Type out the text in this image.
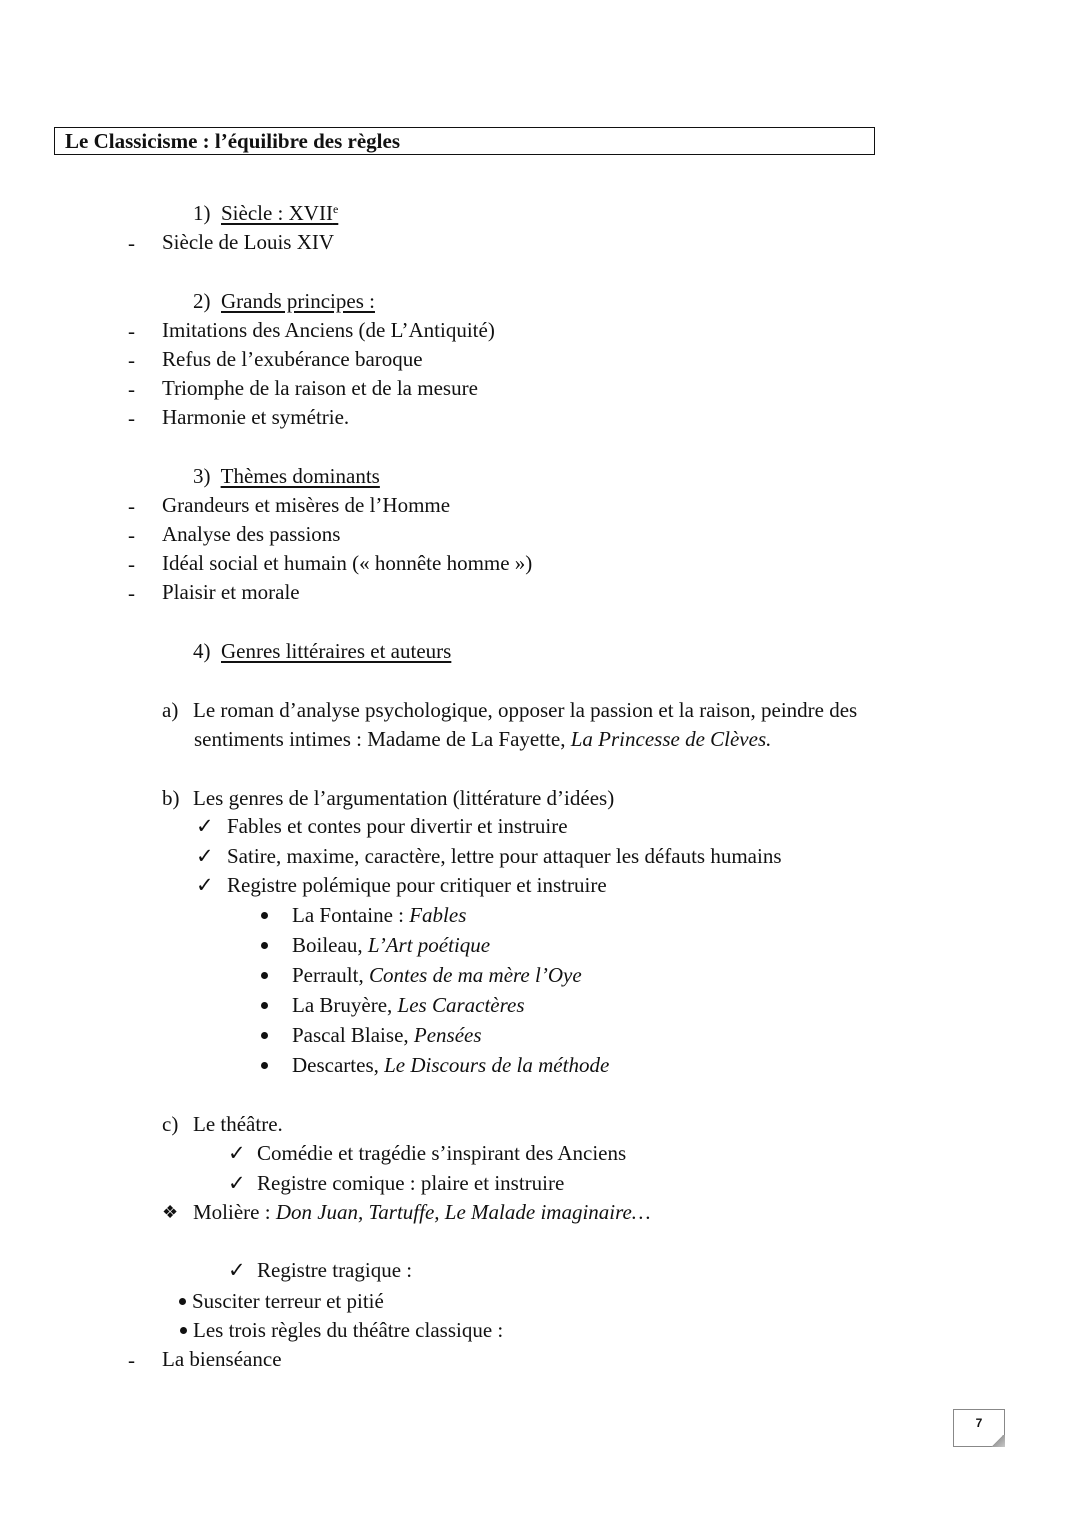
Le Classicisme : l’équilibre des règles
1) Siècle : XVIIe
- Siècle de Louis XIV
2) Grands principes :
- Imitations des Anciens (de L’Antiquité)
- Refus de l’exubérance baroque
- Triomphe de la raison et de la mesure
- Harmonie et symétrie.
3) Thèmes dominants
- Grandeurs et misères de l’Homme
- Analyse des passions
- Idéal social et humain (« honnête homme »)
- Plaisir et morale
4) Genres littéraires et auteurs
a) Le roman d’analyse psychologique, opposer la passion et la raison, peindre des
sentiments intimes : Madame de La Fayette, La Princesse de Clèves.
b) Les genres de l’argumentation (littérature d’idées)
✓ Fables et contes pour divertir et instruire
✓ Satire, maxime, caractère, lettre pour attaquer les défauts humains
✓ Registre polémique pour critiquer et instruire
La Fontaine : Fables
Boileau, L’Art poétique
Perrault, Contes de ma mère l’Oye
La Bruyère, Les Caractères
Pascal Blaise, Pensées
Descartes, Le Discours de la méthode
c) Le théâtre.
✓ Comédie et tragédie s’inspirant des Anciens
✓ Registre comique : plaire et instruire
❖ Molière : Don Juan, Tartuffe, Le Malade imaginaire…
✓ Registre tragique :
Susciter terreur et pitié
Les trois règles du théâtre classique :
- La bienséance
7
